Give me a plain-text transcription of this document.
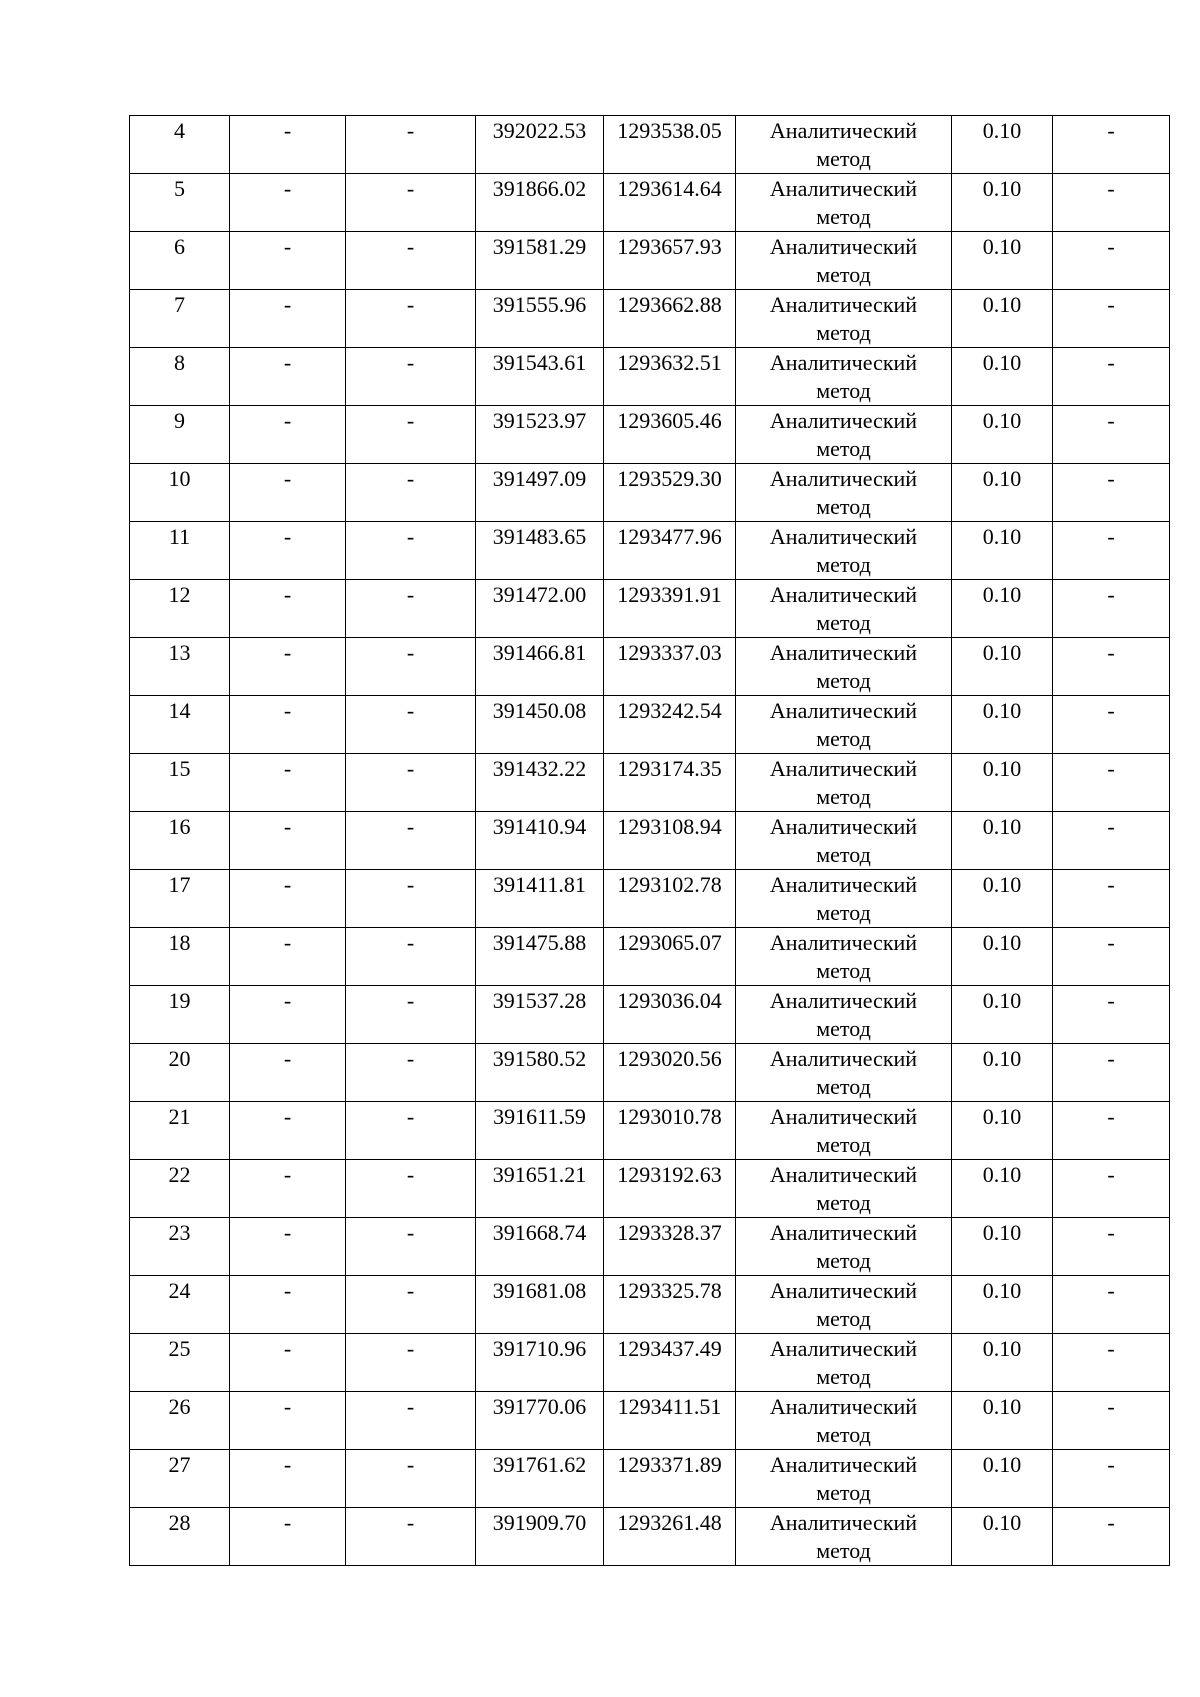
4	-	-	392022.53	1293538.05	Аналитический метод	0.10	-

5	-	-	391866.02	1293614.64	Аналитический метод	0.10	-

6	-	-	391581.29	1293657.93	Аналитический метод	0.10	-

7	-	-	391555.96	1293662.88	Аналитический метод	0.10	-

8	-	-	391543.61	1293632.51	Аналитический метод	0.10	-

9	-	-	391523.97	1293605.46	Аналитический метод	0.10	-

10	-	-	391497.09	1293529.30	Аналитический метод	0.10	-

11	-	-	391483.65	1293477.96	Аналитический метод	0.10	-

12	-	-	391472.00	1293391.91	Аналитический метод	0.10	-

13	-	-	391466.81	1293337.03	Аналитический метод	0.10	-

14	-	-	391450.08	1293242.54	Аналитический метод	0.10	-

15	-	-	391432.22	1293174.35	Аналитический метод	0.10	-

16	-	-	391410.94	1293108.94	Аналитический метод	0.10	-

17	-	-	391411.81	1293102.78	Аналитический метод	0.10	-

18	-	-	391475.88	1293065.07	Аналитический метод	0.10	-

19	-	-	391537.28	1293036.04	Аналитический метод	0.10	-

20	-	-	391580.52	1293020.56	Аналитический метод	0.10	-

21	-	-	391611.59	1293010.78	Аналитический метод	0.10	-

22	-	-	391651.21	1293192.63	Аналитический метод	0.10	-

23	-	-	391668.74	1293328.37	Аналитический метод	0.10	-

24	-	-	391681.08	1293325.78	Аналитический метод	0.10	-

25	-	-	391710.96	1293437.49	Аналитический метод	0.10	-

26	-	-	391770.06	1293411.51	Аналитический метод	0.10	-

27	-	-	391761.62	1293371.89	Аналитический метод	0.10	-

28	-	-	391909.70	1293261.48	Аналитический метод	0.10	-
